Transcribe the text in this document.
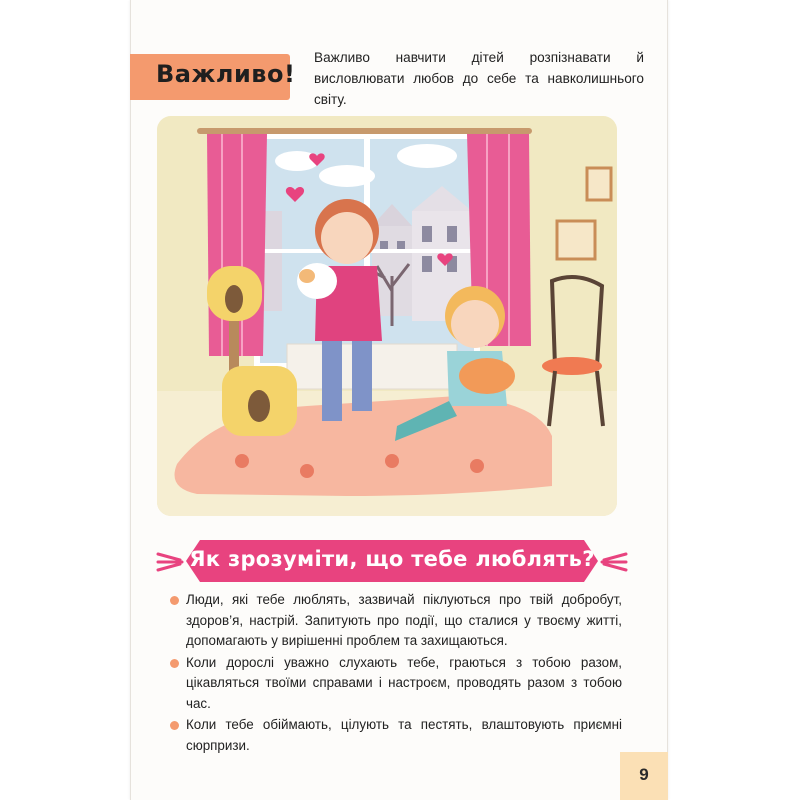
Важливо!
Важливо навчити дітей розпізнавати й висловлювати любов до себе та навколишнього світу.
Як зрозуміти, що тебе люблять?
Люди, які тебе люблять, зазвичай піклуються про твій добробут, здоров’я, настрій. Запитують про події, що сталися у твоєму житті, допомагають у вирішенні проблем та захищаються.
Коли дорослі уважно слухають тебе, граються з тобою разом, цікавляться твоїми справами і настроєм, проводять разом з тобою час.
Коли тебе обіймають, цілують та пестять, влаштовують приємні сюрпризи.
9
